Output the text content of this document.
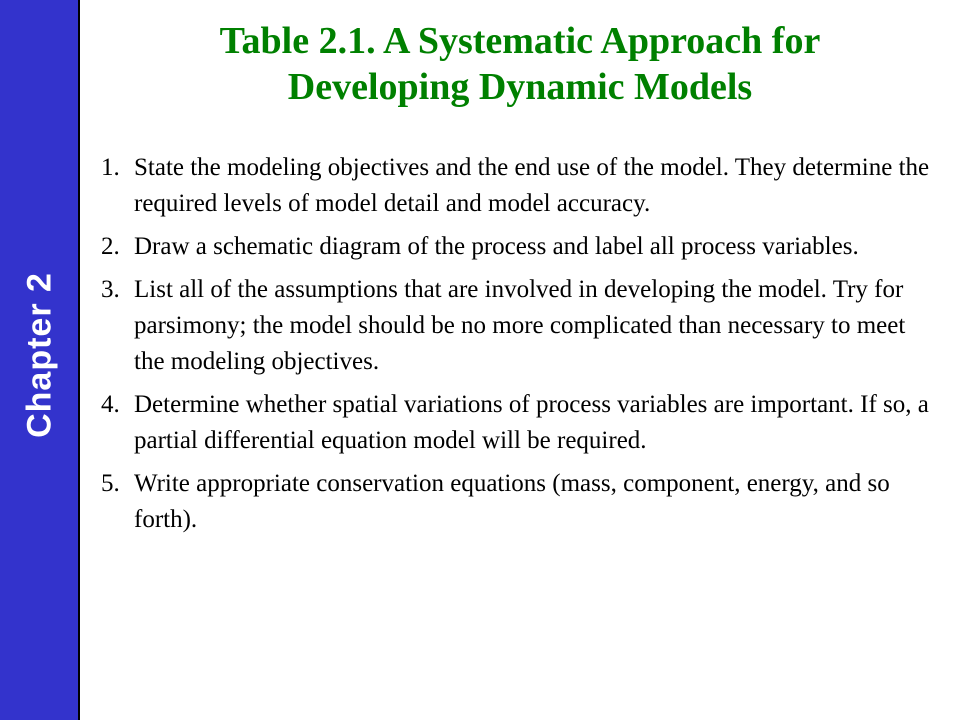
Chapter 2
Table 2.1. A Systematic Approach for
Developing Dynamic Models
1. State the modeling objectives and the end use of the model. They determine the required levels of model detail and model accuracy.
2. Draw a schematic diagram of the process and label all process variables.
3. List all of the assumptions that are involved in developing the model. Try for parsimony; the model should be no more complicated than necessary to meet the modeling objectives.
4. Determine whether spatial variations of process variables are important. If so, a partial differential equation model will be required.
5. Write appropriate conservation equations (mass, component, energy, and so forth).
